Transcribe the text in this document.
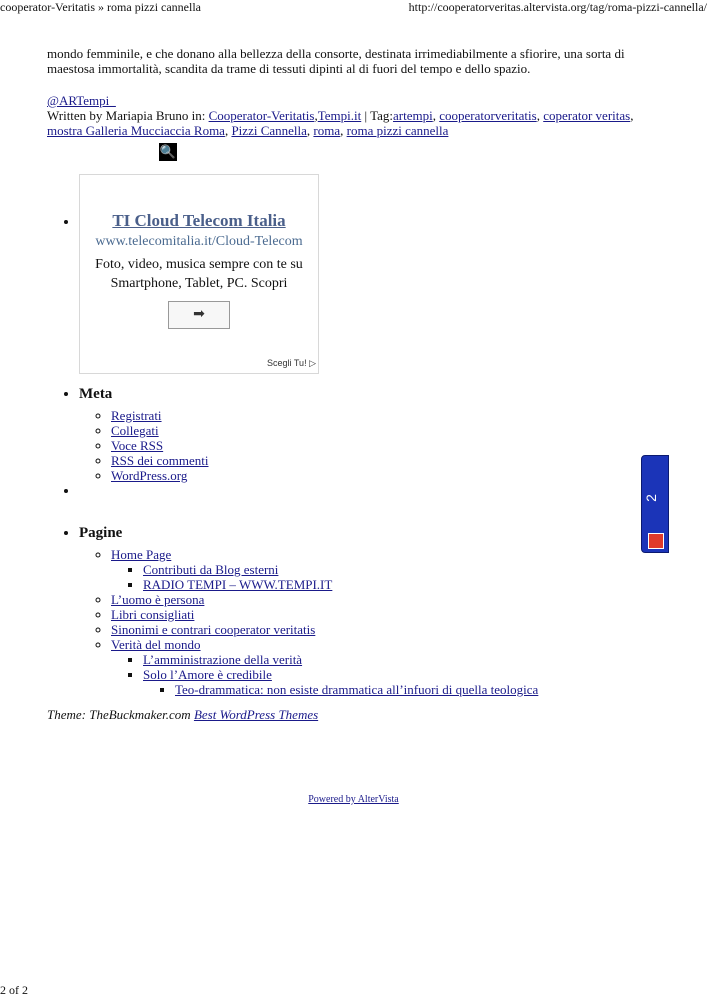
cooperator-Veritatis » roma pizzi cannella	http://cooperatorveritas.altervista.org/tag/roma-pizzi-cannella/

mondo femminile, e che donano alla bellezza della consorte, destinata irrimediabilmente a sfiorire, una sorta di maestosa immortalità, scandita da trame di tessuti dipinti al di fuori del tempo e dello spazio.

@ARTempi_
Written by Mariapia Bruno in: Cooperator-Veritatis,Tempi.it | Tag:artempi, cooperatorveritatis, coperator veritas, mostra Galleria Mucciaccia Roma, Pizzi Cannella, roma, roma pizzi cannella
• 🔍
TI Cloud Telecom Italia
www.telecomitalia.it/Cloud-Telecom
Foto, video, musica sempre con te su Smartphone, Tablet, PC. Scopri
➡
Scegli Tu! ▷
• Meta
◦ Registrati
◦ Collegati
◦ Voce RSS
◦ RSS dei commenti
◦ WordPress.org
•
• Pagine
◦ Home Page
▪ Contributi da Blog esterni
▪ RADIO TEMPI – WWW.TEMPI.IT
◦ L’uomo è persona
◦ Libri consigliati
◦ Sinonimi e contrari cooperator veritatis
◦ Verità del mondo
▪ L’amministrazione della verità
▪ Solo l’Amore è credibile
▪ Teo-drammatica: non esiste drammatica all’infuori di quella teologica
Theme: TheBuckmaker.com Best WordPress Themes
Powered by AlterVista
2
2 of 2
